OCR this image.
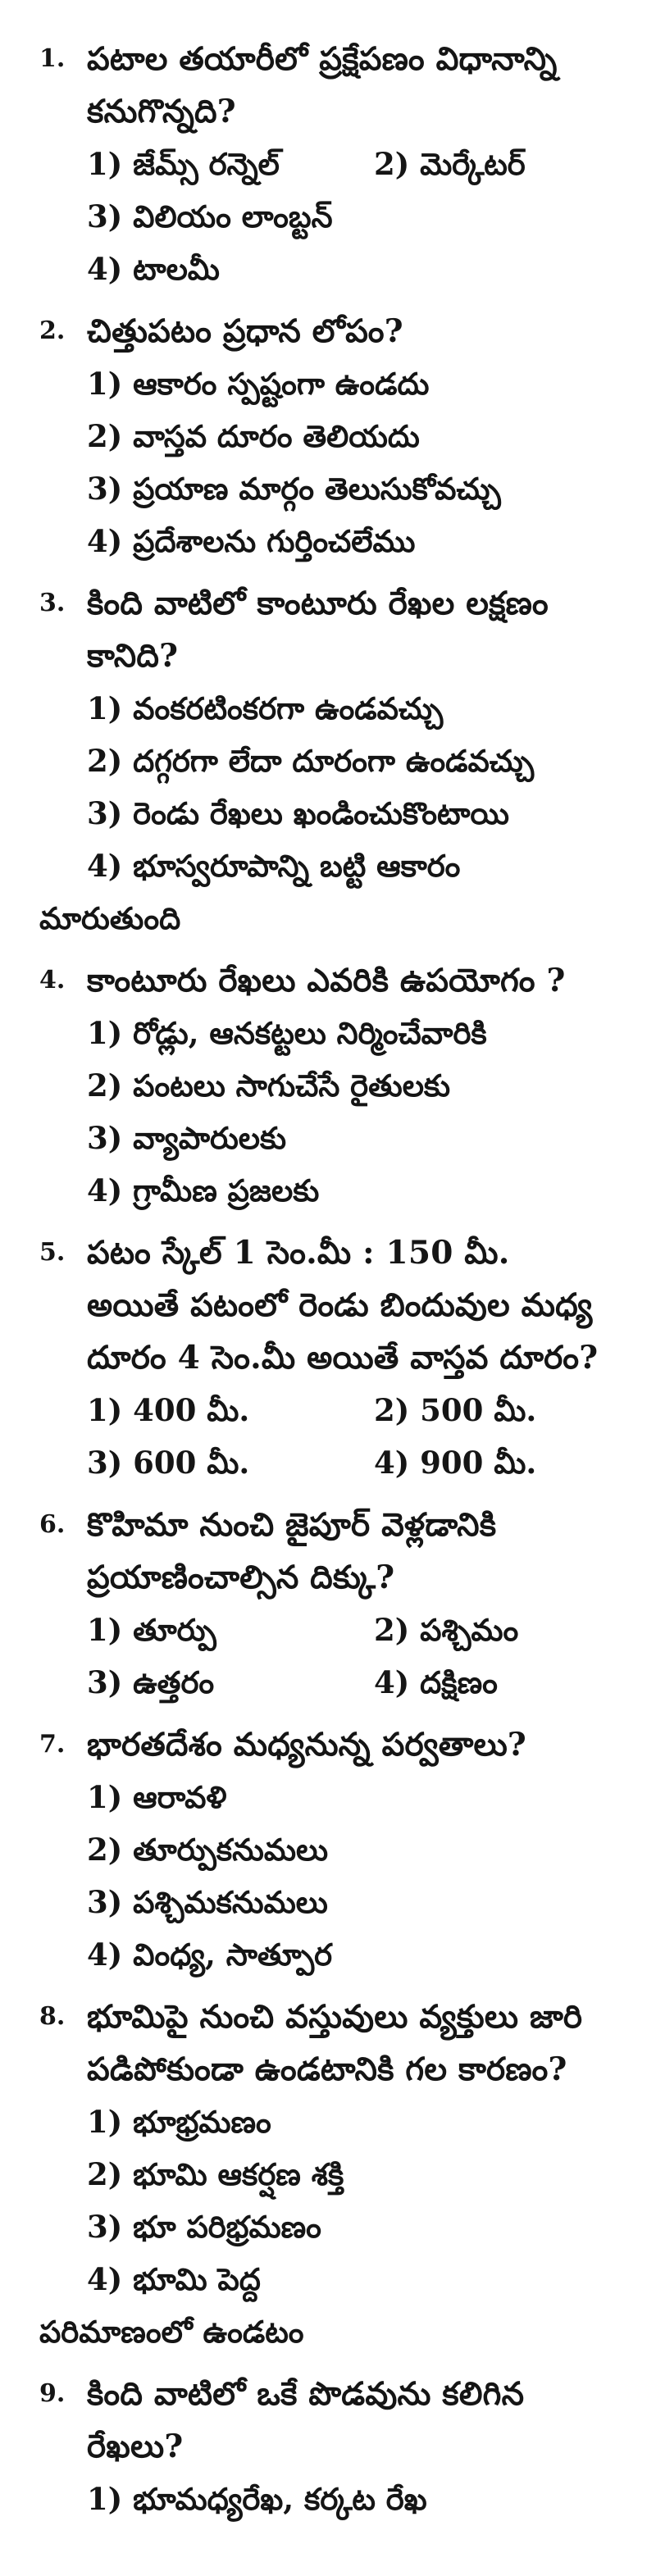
1. పటాల తయారీలో ప్రక్షేపణం విధానాన్ని కనుగొన్నది?
1) జేమ్స్ రన్నెల్	2) మెర్కేటర్
3) విలియం లాంబ్టన్
4) టాలమీ
2. చిత్తుపటం ప్రధాన లోపం?
1) ఆకారం స్పష్టంగా ఉండదు
2) వాస్తవ దూరం తెలియదు
3) ప్రయాణ మార్గం తెలుసుకోవచ్చు
4) ప్రదేశాలను గుర్తించలేము
3. కింది వాటిలో కాంటూరు రేఖల లక్షణం కానిది?
1) వంకరటింకరగా ఉండవచ్చు
2) దగ్గరగా లేదా దూరంగా ఉండవచ్చు
3) రెండు రేఖలు ఖండించుకొంటాయి
4) భూస్వరూపాన్ని బట్టి ఆకారం
మారుతుంది
4. కాంటూరు రేఖలు ఎవరికి ఉపయోగం ?
1) రోడ్లు, ఆనకట్టలు నిర్మించేవారికి
2) పంటలు సాగుచేసే రైతులకు
3) వ్యాపారులకు
4) గ్రామీణ ప్రజలకు
5. పటం స్కేల్ 1 సెం.మీ : 150 మీ. అయితే పటంలో రెండు బిందువుల మధ్య దూరం 4 సెం.మీ అయితే వాస్తవ దూరం?
1) 400 మీ.	2) 500 మీ.
3) 600 మీ.	4) 900 మీ.
6. కొహిమా నుంచి జైపూర్ వెళ్లడానికి ప్రయాణించాల్సిన దిక్కు?
1) తూర్పు	2) పశ్చిమం
3) ఉత్తరం	4) దక్షిణం
7. భారతదేశం మధ్యనున్న పర్వతాలు?
1) ఆరావళి
2) తూర్పుకనుమలు
3) పశ్చిమకనుమలు
4) వింధ్య, సాత్పూర
8. భూమిపై నుంచి వస్తువులు వ్యక్తులు జారి పడిపోకుండా ఉండటానికి గల కారణం?
1) భూభ్రమణం
2) భూమి ఆకర్షణ శక్తి
3) భూ పరిభ్రమణం
4) భూమి పెద్ద
పరిమాణంలో ఉండటం
9. కింది వాటిలో ఒకే పొడవును కలిగిన రేఖలు?
1) భూమధ్యరేఖ, కర్కట రేఖ
